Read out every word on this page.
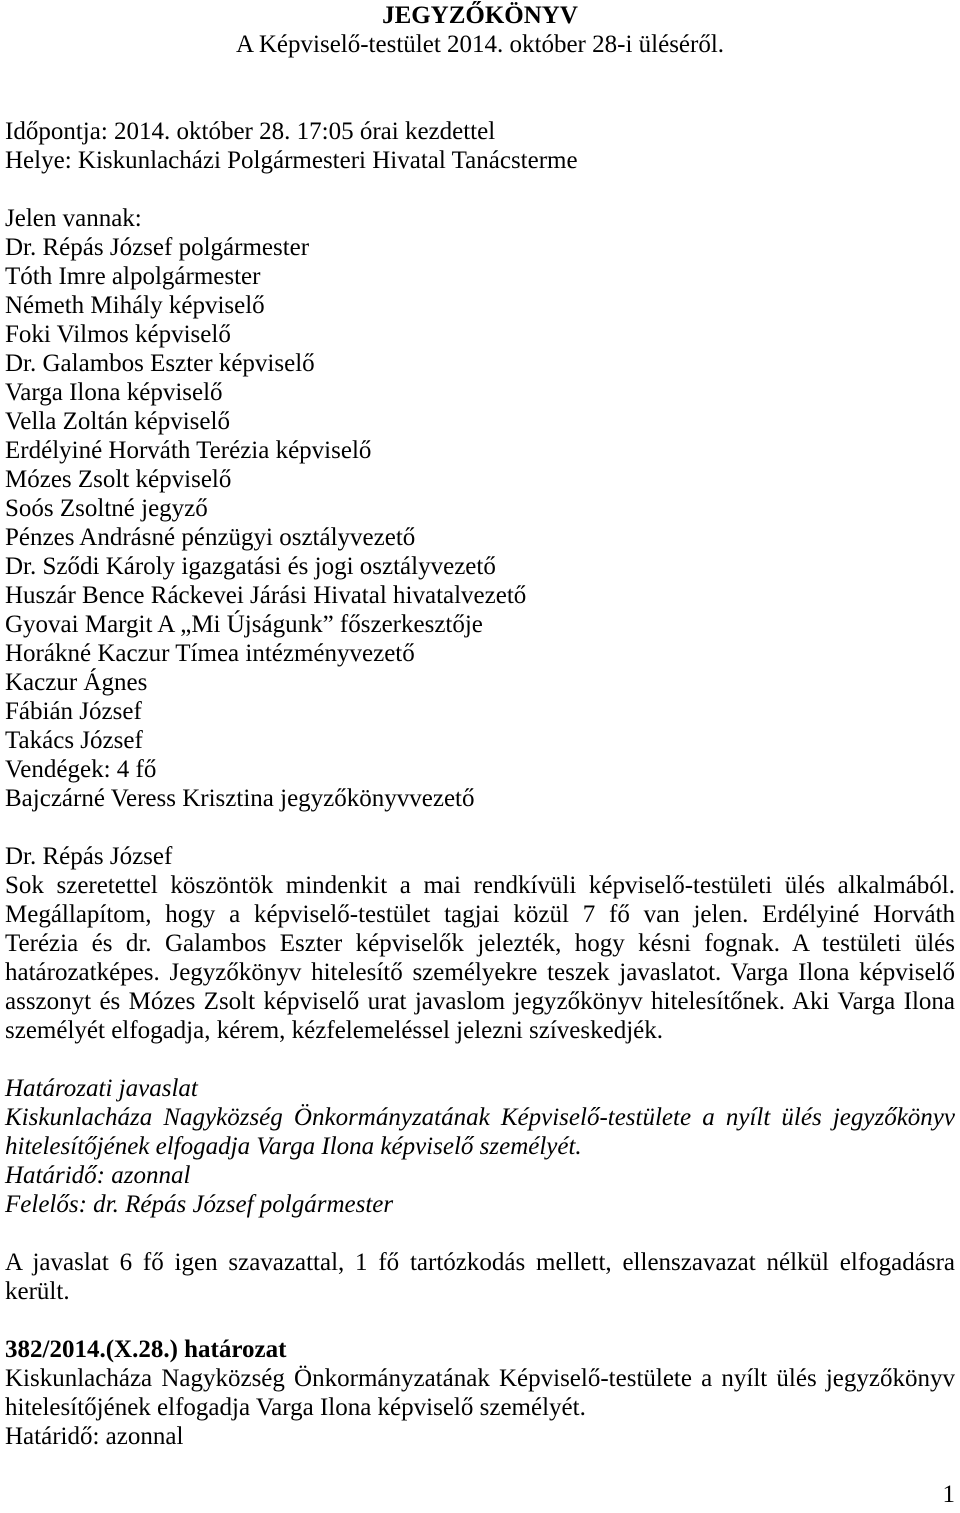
JEGYZŐKÖNYV
A Képviselő-testület 2014. október 28-i üléséről.
Időpontja: 2014. október 28. 17:05 órai kezdettel
Helye: Kiskunlacházi Polgármesteri Hivatal Tanácsterme
Jelen vannak:
Dr. Répás József polgármester
Tóth Imre alpolgármester
Németh Mihály képviselő
Foki Vilmos képviselő
Dr. Galambos Eszter képviselő
Varga Ilona képviselő
Vella Zoltán képviselő
Erdélyiné Horváth Terézia képviselő
Mózes Zsolt képviselő
Soós Zsoltné jegyző
Pénzes Andrásné pénzügyi osztályvezető
Dr. Sződi Károly igazgatási és jogi osztályvezető
Huszár Bence Ráckevei Járási Hivatal hivatalvezető
Gyovai Margit A „Mi Újságunk” főszerkesztője
Horákné Kaczur Tímea intézményvezető
Kaczur Ágnes
Fábián József
Takács József
Vendégek: 4 fő
Bajczárné Veress Krisztina jegyzőkönyvvezető
Dr. Répás József
Sok szeretettel köszöntök mindenkit a mai rendkívüli képviselő-testületi ülés alkalmából.
Megállapítom, hogy a képviselő-testület tagjai közül 7 fő van jelen. Erdélyiné Horváth
Terézia és dr. Galambos Eszter képviselők jelezték, hogy késni fognak. A testületi ülés
határozatképes. Jegyzőkönyv hitelesítő személyekre teszek javaslatot. Varga Ilona képviselő
asszonyt és Mózes Zsolt képviselő urat javaslom jegyzőkönyv hitelesítőnek. Aki Varga Ilona
személyét elfogadja, kérem, kézfelemeléssel jelezni szíveskedjék.
Határozati javaslat
Kiskunlacháza Nagyközség Önkormányzatának Képviselő-testülete a nyílt ülés jegyzőkönyv
hitelesítőjének elfogadja Varga Ilona képviselő személyét.
Határidő: azonnal
Felelős: dr. Répás József polgármester
A javaslat 6 fő igen szavazattal, 1 fő tartózkodás mellett, ellenszavazat nélkül elfogadásra
került.
382/2014.(X.28.) határozat
Kiskunlacháza Nagyközség Önkormányzatának Képviselő-testülete a nyílt ülés jegyzőkönyv
hitelesítőjének elfogadja Varga Ilona képviselő személyét.
Határidő: azonnal
1
